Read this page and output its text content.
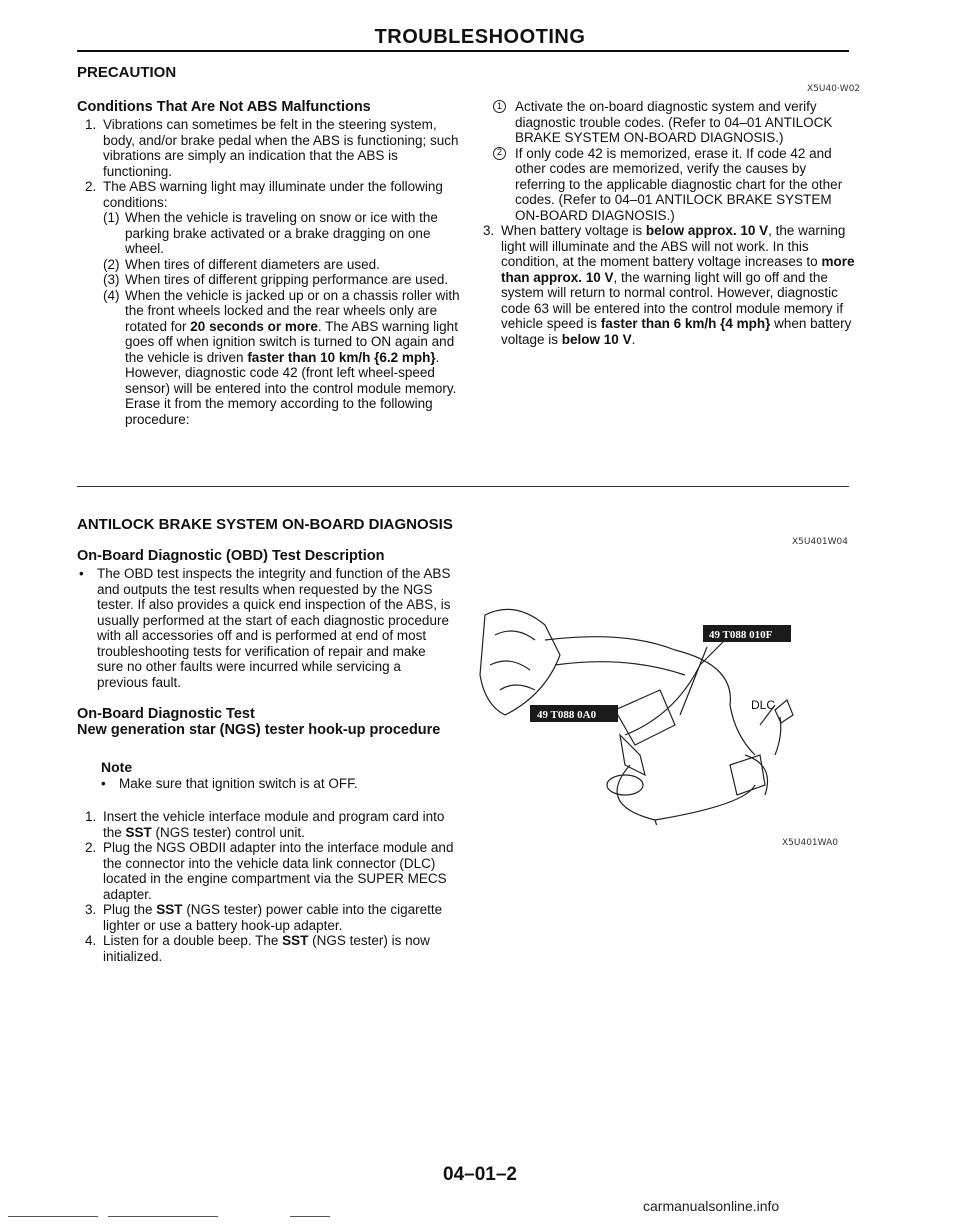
TROUBLESHOOTING
PRECAUTION
X5U40‧W02
Conditions That Are Not ABS Malfunctions
1. Vibrations can sometimes be felt in the steering system, body, and/or brake pedal when the ABS is functioning; such vibrations are simply an indication that the ABS is functioning.

2. The ABS warning light may illuminate under the following conditions:

(1) When the vehicle is traveling on snow or ice with the parking brake activated or a brake dragging on one wheel.

(2) When tires of different diameters are used.

(3) When tires of different gripping performance are used.

(4) When the vehicle is jacked up or on a chassis roller with the front wheels locked and the rear wheels only are rotated for 20 seconds or more. The ABS warning light goes off when ignition switch is turned to ON again and the vehicle is driven faster than 10 km/h {6.2 mph}. However, diagnostic code 42 (front left wheel-speed sensor) will be entered into the control module memory. Erase it from the memory according to the following procedure:

1 Activate the on-board diagnostic system and verify diagnostic trouble codes. (Refer to 04–01 ANTILOCK BRAKE SYSTEM ON-BOARD DIAGNOSIS.)

2 If only code 42 is memorized, erase it. If code 42 and other codes are memorized, verify the causes by referring to the applicable diagnostic chart for the other codes. (Refer to 04–01 ANTILOCK BRAKE SYSTEM ON-BOARD DIAGNOSIS.)

3. When battery voltage is below approx. 10 V, the warning light will illuminate and the ABS will not work. In this condition, at the moment battery voltage increases to more than approx. 10 V, the warning light will go off and the system will return to normal control. However, diagnostic code 63 will be entered into the control module memory if vehicle speed is faster than 6 km/h {4 mph} when battery voltage is below 10 V.

ANTILOCK BRAKE SYSTEM ON-BOARD DIAGNOSIS
X5U401W04
On-Board Diagnostic (OBD) Test Description
• The OBD test inspects the integrity and function of the ABS and outputs the test results when requested by the NGS tester. If also provides a quick end inspection of the ABS, is usually performed at the start of each diagnostic procedure with all accessories off and is performed at end of most troubleshooting tests for verification of repair and make sure no other faults were incurred while servicing a previous fault.

On-Board Diagnostic Test
New generation star (NGS) tester hook-up procedure
Note
• Make sure that ignition switch is at OFF.

1. Insert the vehicle interface module and program card into the SST (NGS tester) control unit.

2. Plug the NGS OBDII adapter into the interface module and the connector into the vehicle data link connector (DLC) located in the engine compartment via the SUPER MECS adapter.

3. Plug the SST (NGS tester) power cable into the cigarette lighter or use a battery hook-up adapter.

4. Listen for a double beep. The SST (NGS tester) is now initialized.

49 T088 010F
49 T088 0A0
DLC
X5U401WA0
04–01–2
carmanualsonline.info
